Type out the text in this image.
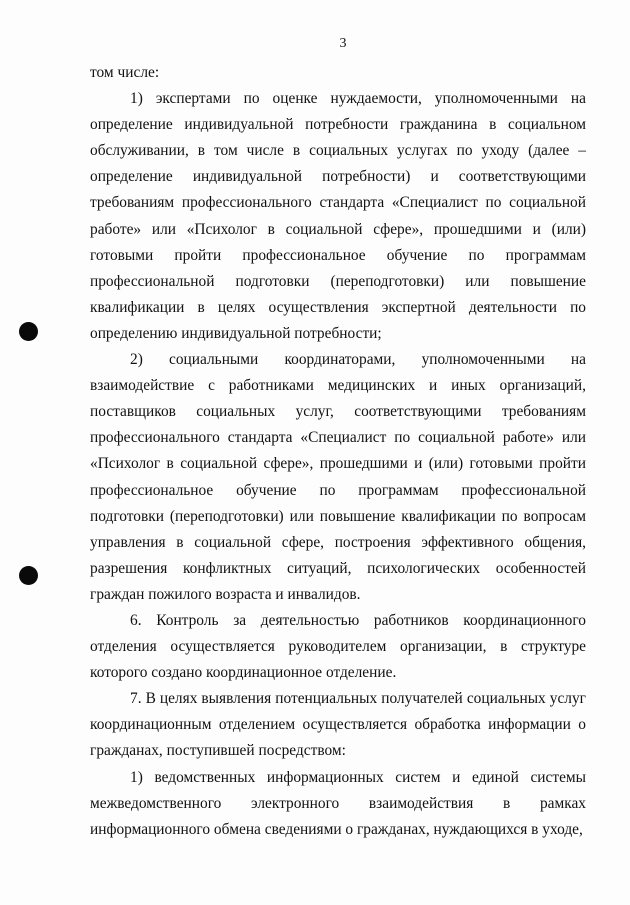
3

том числе:

1) экспертами по оценке нуждаемости, уполномоченными на определение индивидуальной потребности гражданина в социальном обслуживании, в том числе в социальных услугах по уходу (далее – определение индивидуальной потребности) и соответствующими требованиям профессионального стандарта «Специалист по социальной работе» или «Психолог в социальной сфере», прошедшими и (или) готовыми пройти профессиональное обучение по программам профессиональной подготовки (переподготовки) или повышение квалификации в целях осуществления экспертной деятельности по определению индивидуальной потребности;

2) социальными координаторами, уполномоченными на взаимодействие с работниками медицинских и иных организаций, поставщиков социальных услуг, соответствующими требованиям профессионального стандарта «Специалист по социальной работе» или «Психолог в социальной сфере», прошедшими и (или) готовыми пройти профессиональное обучение по программам профессиональной подготовки (переподготовки) или повышение квалификации по вопросам управления в социальной сфере, построения эффективного общения, разрешения конфликтных ситуаций, психологических особенностей граждан пожилого возраста и инвалидов.

6. Контроль за деятельностью работников координационного отделения осуществляется руководителем организации, в структуре которого создано координационное отделение.

7. В целях выявления потенциальных получателей социальных услуг координационным отделением осуществляется обработка информации о гражданах, поступившей посредством:

1) ведомственных информационных систем и единой системы межведомственного электронного взаимодействия в рамках информационного обмена сведениями о гражданах, нуждающихся в уходе,
